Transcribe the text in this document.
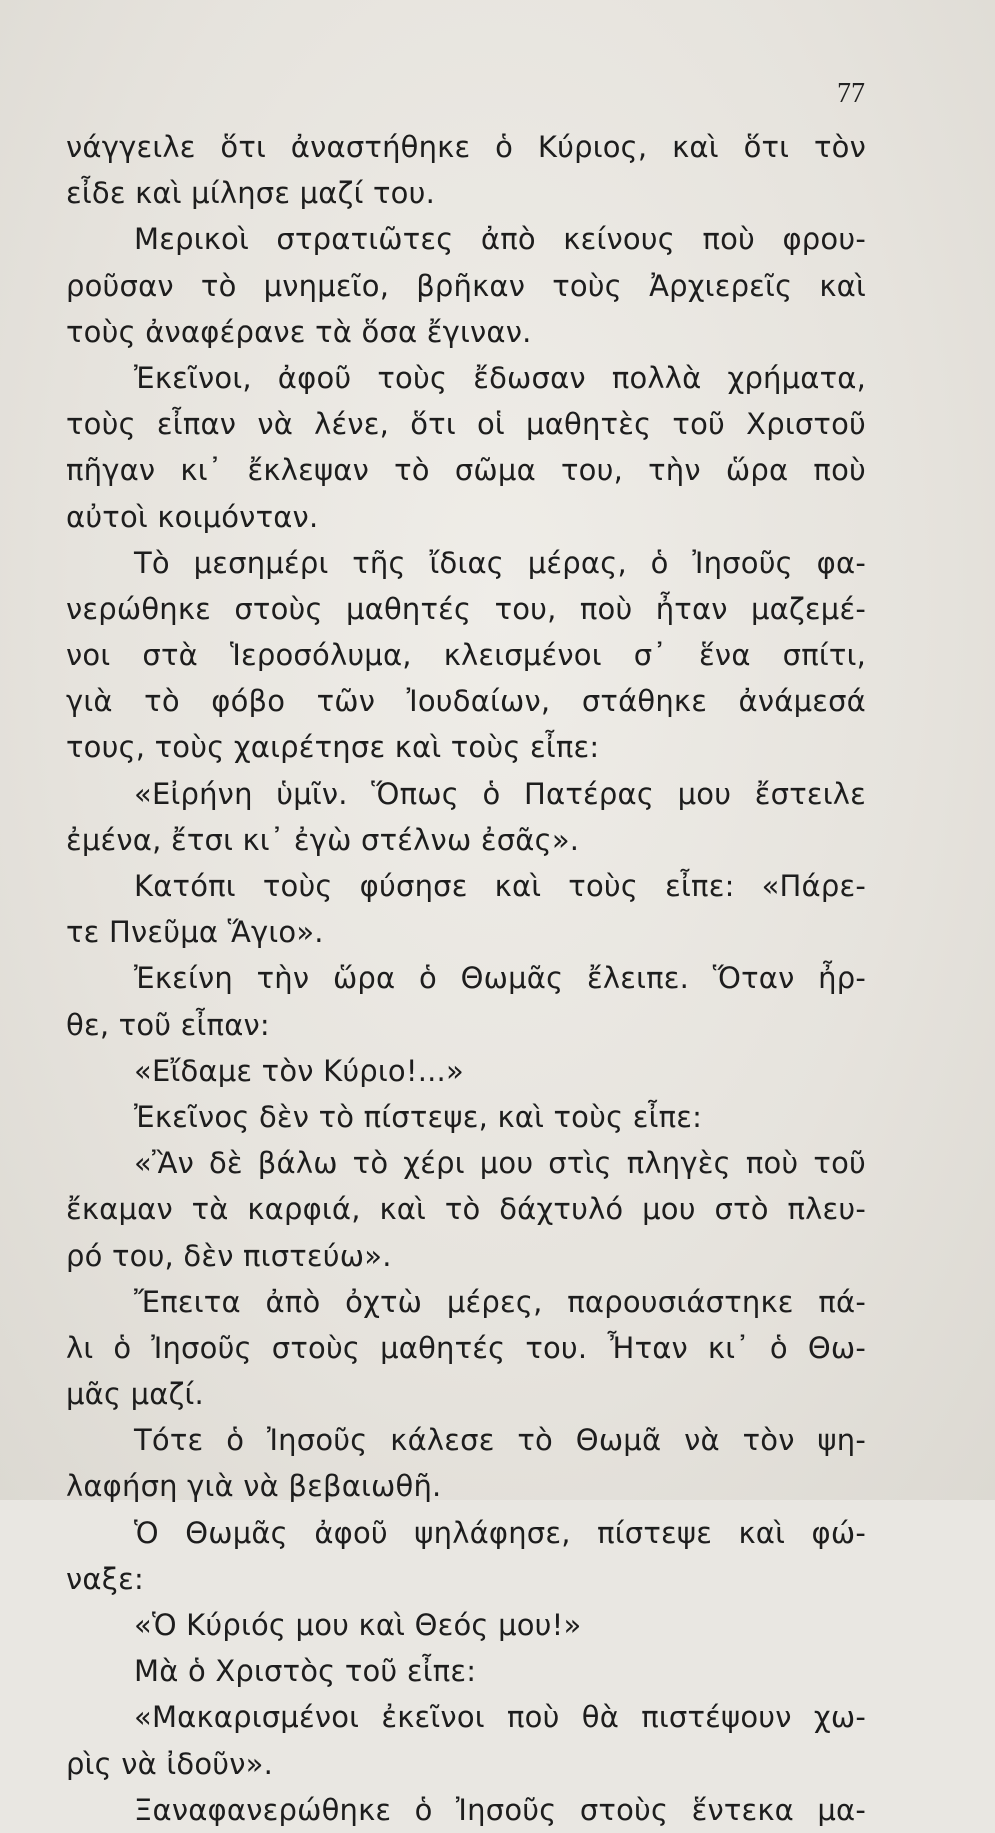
77
νάγγειλε ὅτι ἀναστήθηκε ὁ Κύριος, καὶ ὅτι τὸν
εἶδε καὶ μίλησε μαζί του.
Μερικοὶ στρατιῶτες ἀπὸ κείνους ποὺ φρου-
ροῦσαν τὸ μνημεῖο, βρῆκαν τοὺς Ἀρχιερεῖς καὶ
τοὺς ἀναφέρανε τὰ ὅσα ἔγιναν.
Ἐκεῖνοι, ἀφοῦ τοὺς ἔδωσαν πολλὰ χρήματα,
τοὺς εἶπαν νὰ λένε, ὅτι οἱ μαθητὲς τοῦ Χριστοῦ
πῆγαν κι᾽ ἔκλεψαν τὸ σῶμα του, τὴν ὥρα ποὺ
αὐτοὶ κοιμόνταν.
Τὸ μεσημέρι τῆς ἴδιας μέρας, ὁ Ἰησοῦς φα-
νερώθηκε στοὺς μαθητές του, ποὺ ἦταν μαζεμέ-
νοι στὰ Ἱεροσόλυμα, κλεισμένοι σ᾽ ἕνα σπίτι,
γιὰ τὸ φόβο τῶν Ἰουδαίων, στάθηκε ἀνάμεσά
τους, τοὺς χαιρέτησε καὶ τοὺς εἶπε:
«Εἰρήνη ὑμῖν. Ὅπως ὁ Πατέρας μου ἔστειλε
ἐμένα, ἔτσι κι᾽ ἐγὼ στέλνω ἐσᾶς».
Κατόπι τοὺς φύσησε καὶ τοὺς εἶπε: «Πάρε-
τε Πνεῦμα Ἅγιο».
Ἐκείνη τὴν ὥρα ὁ Θωμᾶς ἔλειπε. Ὅταν ἦρ-
θε, τοῦ εἶπαν:
«Εἴδαμε τὸν Κύριο!...»
Ἐκεῖνος δὲν τὸ πίστεψε, καὶ τοὺς εἶπε:
«Ἂν δὲ βάλω τὸ χέρι μου στὶς πληγὲς ποὺ τοῦ
ἔκαμαν τὰ καρφιά, καὶ τὸ δάχτυλό μου στὸ πλευ-
ρό του, δὲν πιστεύω».
Ἔπειτα ἀπὸ ὀχτὼ μέρες, παρουσιάστηκε πά-
λι ὁ Ἰησοῦς στοὺς μαθητές του. Ἦταν κι᾽ ὁ Θω-
μᾶς μαζί.
Τότε ὁ Ἰησοῦς κάλεσε τὸ Θωμᾶ νὰ τὸν ψη-
λαφήση γιὰ νὰ βεβαιωθῆ.
Ὁ Θωμᾶς ἀφοῦ ψηλάφησε, πίστεψε καὶ φώ-
ναξε:
«Ὁ Κύριός μου καὶ Θεός μου!»
Μὰ ὁ Χριστὸς τοῦ εἶπε:
«Μακαρισμένοι ἐκεῖνοι ποὺ θὰ πιστέψουν χω-
ρὶς νὰ ἰδοῦν».
Ξαναφανερώθηκε ὁ Ἰησοῦς στοὺς ἕντεκα μα-
